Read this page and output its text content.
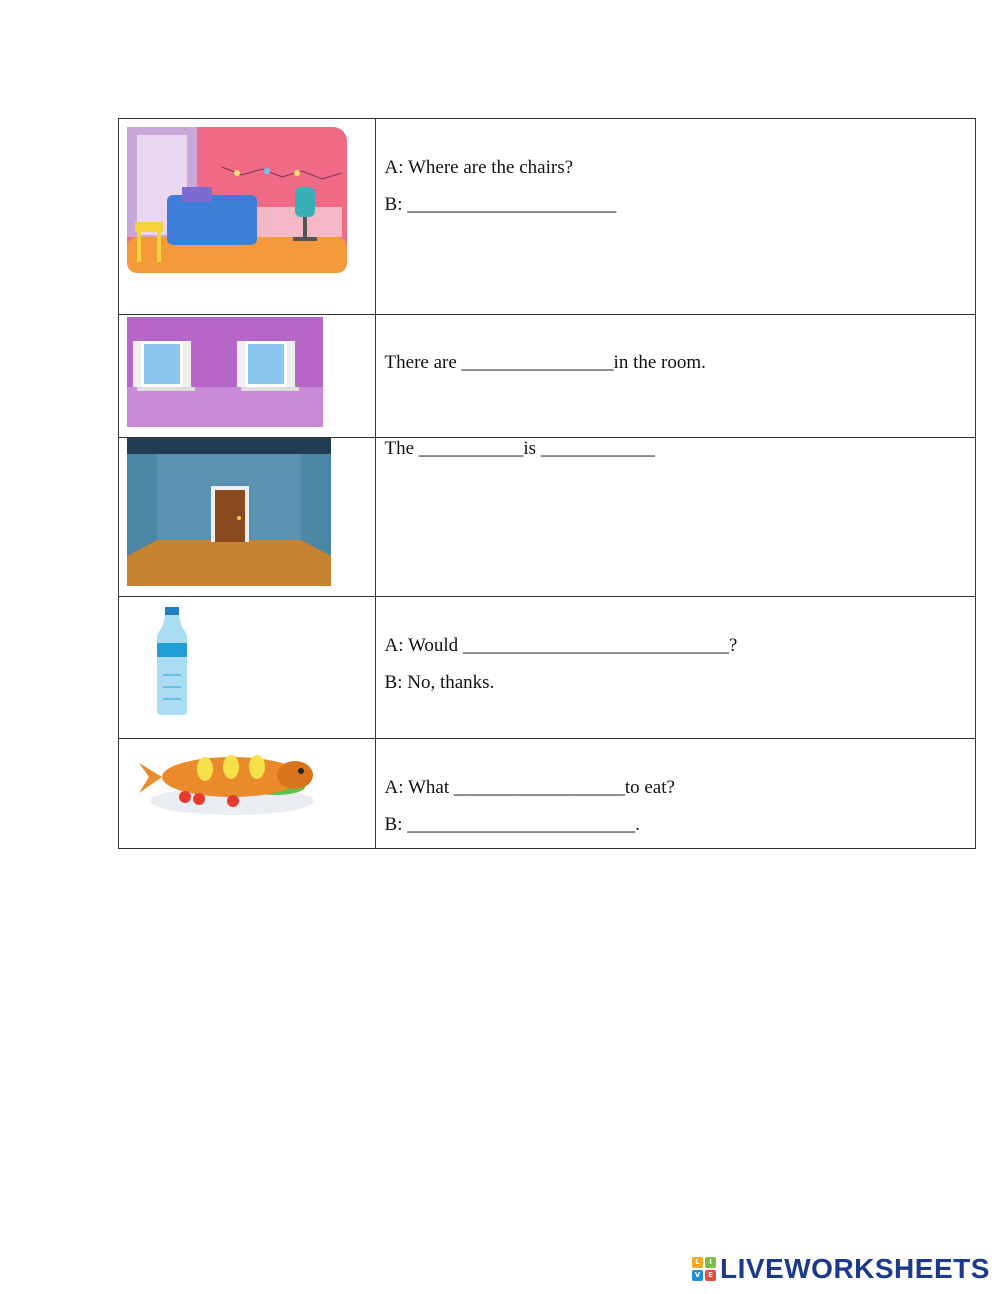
A: Where are the chairs?
B: ______________________

There are ________________in the room.

The ___________is ____________

A: Would ____________________________?
B: No, thanks.

A: What __________________to eat?
B: ________________________.
L	I
V	E LIVEWORKSHEETS
